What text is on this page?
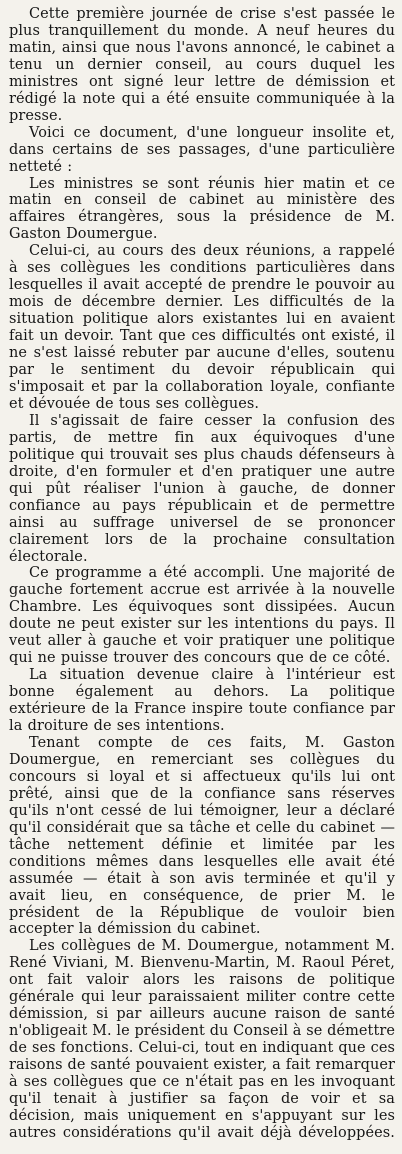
Cette première journée de crise s'est passée le plus tranquillement du monde. A neuf heures du matin, ainsi que nous l'avons annoncé, le cabinet a tenu un dernier conseil, au cours duquel les ministres ont signé leur lettre de démission et rédigé la note qui a été ensuite communiquée à la presse.

Voici ce document, d'une longueur insolite et, dans certains de ses passages, d'une particulière netteté :

Les ministres se sont réunis hier matin et ce matin en conseil de cabinet au ministère des affaires étrangères, sous la présidence de M. Gaston Doumergue.

Celui-ci, au cours des deux réunions, a rappelé à ses collègues les conditions particulières dans lesquelles il avait accepté de prendre le pouvoir au mois de décembre dernier. Les difficultés de la situation politique alors existantes lui en avaient fait un devoir. Tant que ces difficultés ont existé, il ne s'est laissé rebuter par aucune d'elles, soutenu par le sentiment du devoir républicain qui s'imposait et par la collaboration loyale, confiante et dévouée de tous ses collègues.

Il s'agissait de faire cesser la confusion des partis, de mettre fin aux équivoques d'une politique qui trouvait ses plus chauds défenseurs à droite, d'en formuler et d'en pratiquer une autre qui pût réaliser l'union à gauche, de donner confiance au pays républicain et de permettre ainsi au suffrage universel de se prononcer clairement lors de la prochaine consultation électorale.

Ce programme a été accompli. Une majorité de gauche fortement accrue est arrivée à la nouvelle Chambre. Les équivoques sont dissipées. Aucun doute ne peut exister sur les intentions du pays. Il veut aller à gauche et voir pratiquer une politique qui ne puisse trouver des concours que de ce côté.

La situation devenue claire à l'intérieur est bonne également au dehors. La politique extérieure de la France inspire toute confiance par la droiture de ses intentions.

Tenant compte de ces faits, M. Gaston Doumergue, en remerciant ses collègues du concours si loyal et si affectueux qu'ils lui ont prêté, ainsi que de la confiance sans réserves qu'ils n'ont cessé de lui témoigner, leur a déclaré qu'il considérait que sa tâche et celle du cabinet — tâche nettement définie et limitée par les conditions mêmes dans lesquelles elle avait été assumée — était à son avis terminée et qu'il y avait lieu, en conséquence, de prier M. le président de la République de vouloir bien accepter la démission du cabinet.

Les collègues de M. Doumergue, notamment M. René Viviani, M. Bienvenu-Martin, M. Raoul Péret, ont fait valoir alors les raisons de politique générale qui leur paraissaient militer contre cette démission, si par ailleurs aucune raison de santé n'obligeait M. le président du Conseil à se démettre de ses fonctions. Celui-ci, tout en indiquant que ces raisons de santé pouvaient exister, a fait remarquer à ses collègues que ce n'était pas en les invoquant qu'il tenait à justifier sa façon de voir et sa décision, mais uniquement en s'appuyant sur les autres considérations qu'il avait déjà développées.
